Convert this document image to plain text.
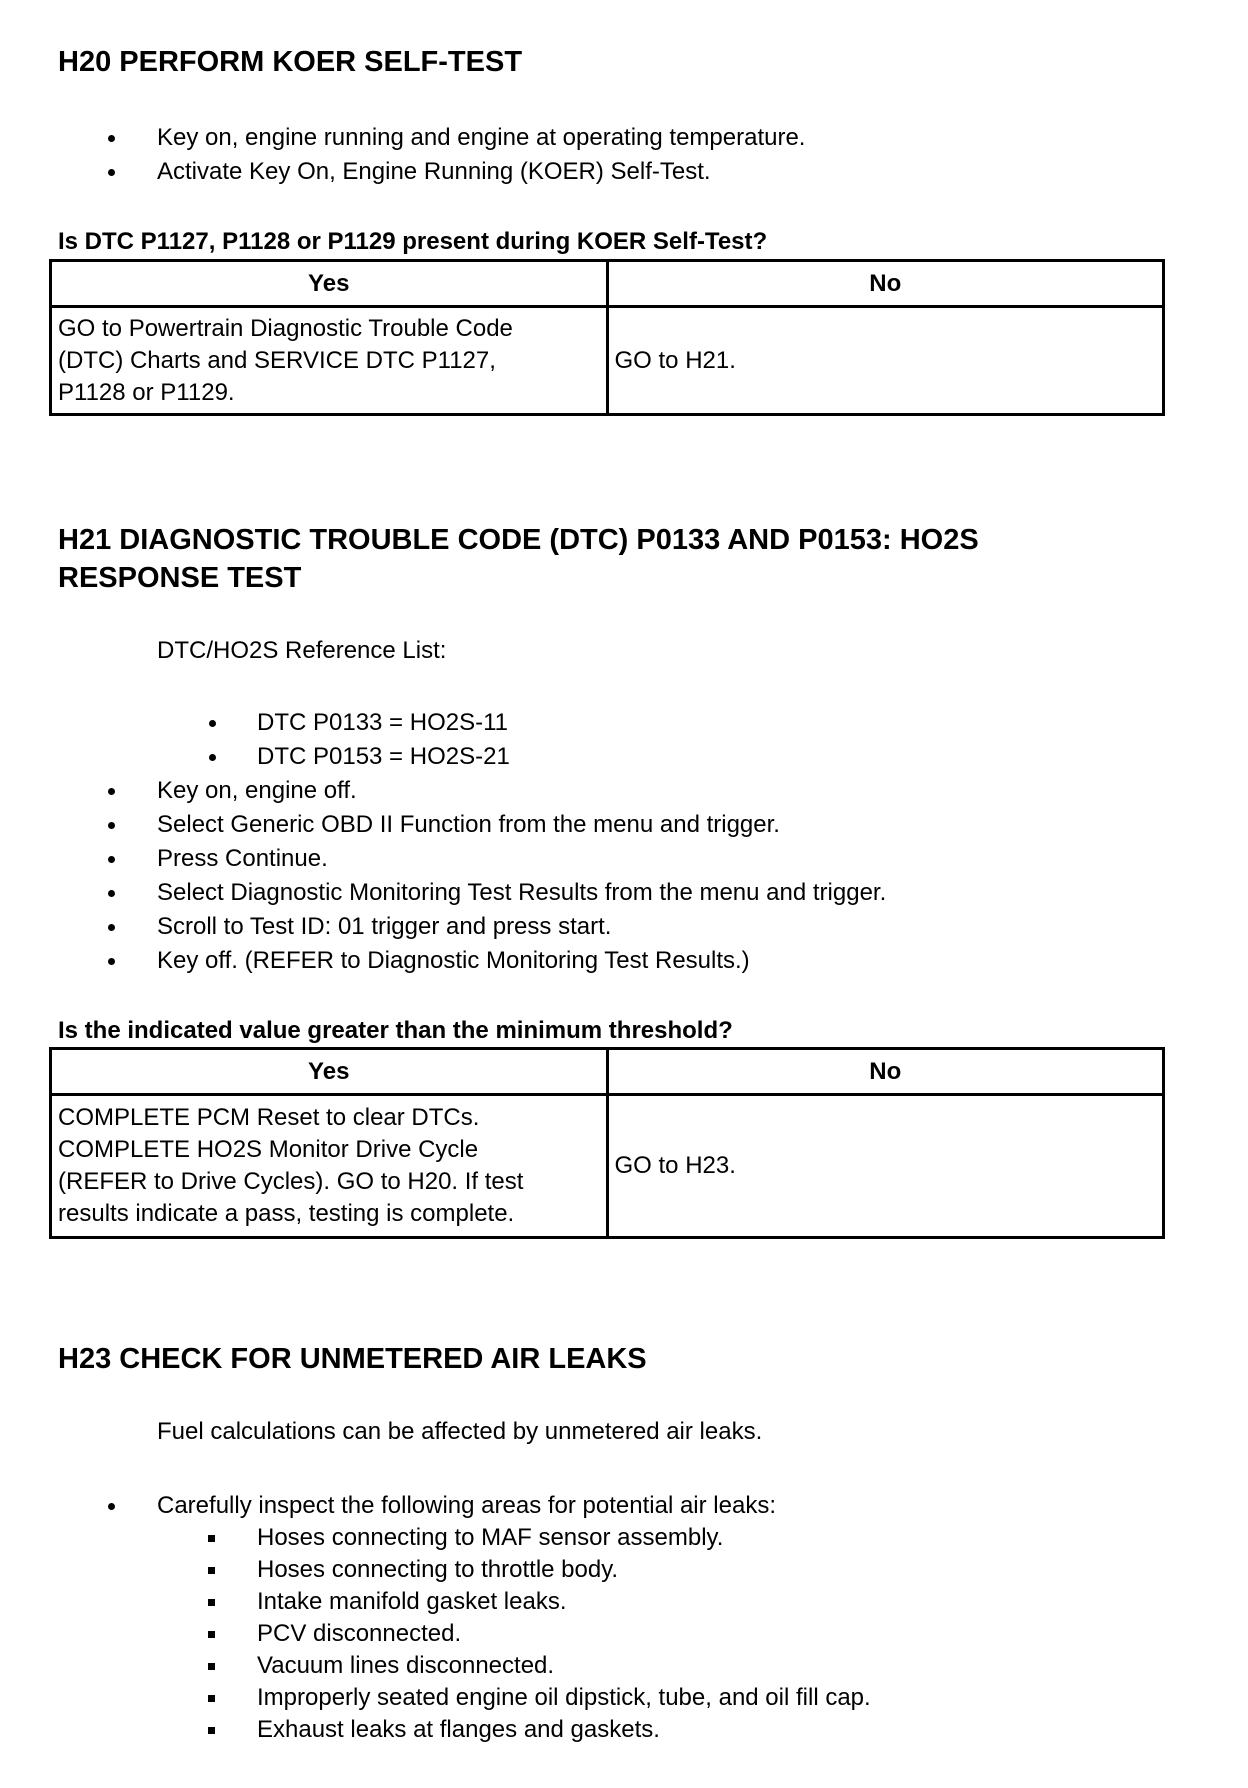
H20 PERFORM KOER SELF-TEST
Key on, engine running and engine at operating temperature.
Activate Key On, Engine Running (KOER) Self-Test.
Is DTC P1127, P1128 or P1129 present during KOER Self-Test?
Yes	No

GO to Powertrain Diagnostic Trouble Code
(DTC) Charts and SERVICE DTC P1127,
P1128 or P1129.	GO to H21.
H21 DIAGNOSTIC TROUBLE CODE (DTC) P0133 AND P0153: HO2S
RESPONSE TEST
DTC/HO2S Reference List:
DTC P0133 = HO2S-11
DTC P0153 = HO2S-21
Key on, engine off.
Select Generic OBD II Function from the menu and trigger.
Press Continue.
Select Diagnostic Monitoring Test Results from the menu and trigger.
Scroll to Test ID: 01 trigger and press start.
Key off. (REFER to Diagnostic Monitoring Test Results.)
Is the indicated value greater than the minimum threshold?
Yes	No

COMPLETE PCM Reset to clear DTCs.
COMPLETE HO2S Monitor Drive Cycle
(REFER to Drive Cycles). GO to H20. If test
results indicate a pass, testing is complete.	GO to H23.
H23 CHECK FOR UNMETERED AIR LEAKS
Fuel calculations can be affected by unmetered air leaks.
Carefully inspect the following areas for potential air leaks:
Hoses connecting to MAF sensor assembly.
Hoses connecting to throttle body.
Intake manifold gasket leaks.
PCV disconnected.
Vacuum lines disconnected.
Improperly seated engine oil dipstick, tube, and oil fill cap.
Exhaust leaks at flanges and gaskets.
